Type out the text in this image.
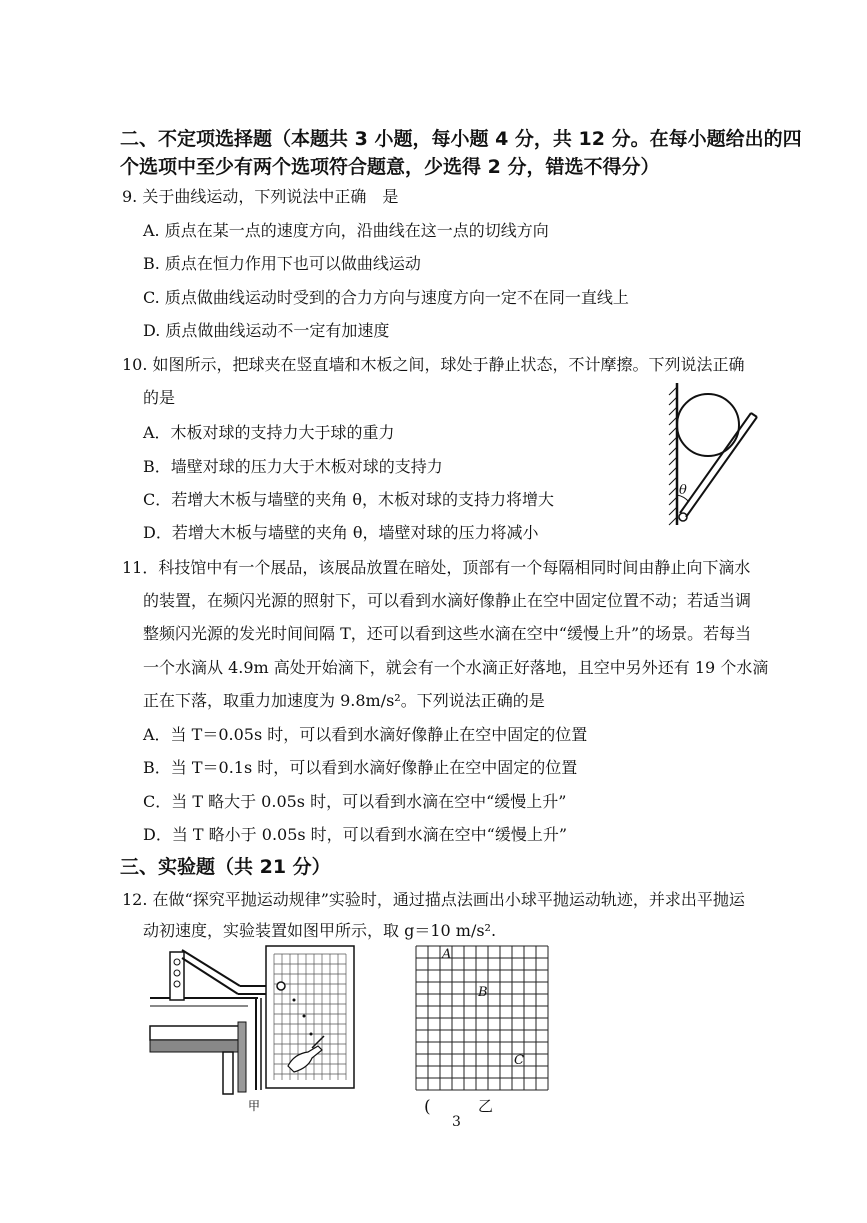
二、不定项选择题（本题共 3 小题，每小题 4 分，共 12 分。在每小题给出的四
个选项中至少有两个选项符合题意，少选得 2 分，错选不得分）
9. 关于曲线运动，下列说法中正确　是
A. 质点在某一点的速度方向，沿曲线在这一点的切线方向
B. 质点在恒力作用下也可以做曲线运动
C. 质点做曲线运动时受到的合力方向与速度方向一定不在同一直线上
D. 质点做曲线运动不一定有加速度
10. 如图所示，把球夹在竖直墙和木板之间，球处于静止状态，不计摩擦。下列说法正确
的是
A．木板对球的支持力大于球的重力
B．墙壁对球的压力大于木板对球的支持力
C．若增大木板与墙壁的夹角 θ，木板对球的支持力将增大
D．若增大木板与墙壁的夹角 θ，墙壁对球的压力将减小
θ
11．科技馆中有一个展品，该展品放置在暗处，顶部有一个每隔相同时间由静止向下滴水
的装置，在频闪光源的照射下，可以看到水滴好像静止在空中固定位置不动；若适当调
整频闪光源的发光时间间隔 T，还可以看到这些水滴在空中“缓慢上升”的场景。若每当
一个水滴从 4.9m 高处开始滴下，就会有一个水滴正好落地，且空中另外还有 19 个水滴
正在下落，取重力加速度为 9.8m/s²。下列说法正确的是
A．当 T＝0.05s 时，可以看到水滴好像静止在空中固定的位置
B．当 T＝0.1s 时，可以看到水滴好像静止在空中固定的位置
C．当 T 略大于 0.05s 时，可以看到水滴在空中“缓慢上升”
D．当 T 略小于 0.05s 时，可以看到水滴在空中“缓慢上升”
三、实验题（共 21 分）
12. 在做“探究平抛运动规律”实验时，通过描点法画出小球平抛运动轨迹，并求出平抛运
动初速度，实验装置如图甲所示，取 g＝10 m/s².
甲
A
B
C
乙
(
3
